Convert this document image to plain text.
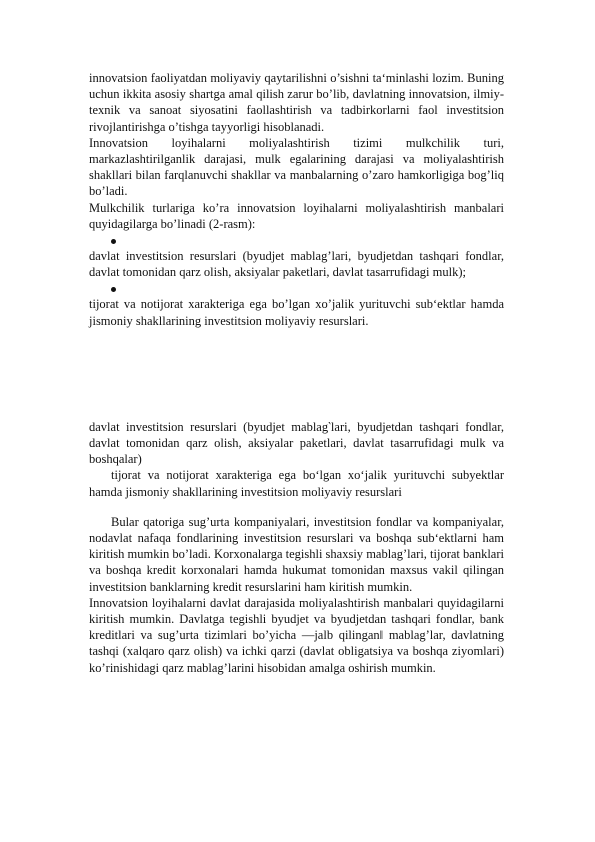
innovatsion faoliyatdan moliyaviy qaytarilishni o’sishni ta‘minlashi lozim. Buning uchun ikkita asosiy shartga amal qilish zarur bo’lib, davlatning innovatsion, ilmiy-texnik va sanoat siyosatini faollashtirish va tadbirkorlarni faol investitsion rivojlantirishga o’tishga tayyorligi hisoblanadi.

Innovatsion loyihalarni moliyalashtirish tizimi mulkchilik turi, markazlashtirilganlik darajasi, mulk egalarining darajasi va moliyalashtirish shakllari bilan farqlanuvchi shakllar va manbalarning o’zaro hamkorligiga bog’liq bo’ladi.

Mulkchilik turlariga ko’ra innovatsion loyihalarni moliyalashtirish manbalari quyidagilarga bo’linadi (2-rasm):

davlat investitsion resurslari (byudjet mablag’lari, byudjetdan tashqari fondlar, davlat tomonidan qarz olish, aksiyalar paketlari, davlat tasarrufidagi mulk);

tijorat va notijorat xarakteriga ega bo’lgan xo’jalik yurituvchi sub‘ektlar hamda jismoniy shakllarining investitsion moliyaviy resurslari.

davlat investitsion resurslari (byudjet mablag‵lari, byudjetdan tashqari fondlar, davlat tomonidan qarz olish, aksiyalar paketlari, davlat tasarrufidagi mulk va boshqalar)

tijorat va notijorat xarakteriga ega bo‘lgan xo‘jalik yurituvchi subyektlar hamda jismoniy shakllarining investitsion moliyaviy resurslari

Bular qatoriga sug’urta kompaniyalari, investitsion fondlar va kompaniyalar, nodavlat nafaqa fondlarining investitsion resurslari va boshqa sub‘ektlarni ham kiritish mumkin bo’ladi. Korxonalarga tegishli shaxsiy mablag’lari, tijorat banklari va boshqa kredit korxonalari hamda hukumat tomonidan maxsus vakil qilingan investitsion banklarning kredit resurslarini ham kiritish mumkin.

Innovatsion loyihalarni davlat darajasida moliyalashtirish manbalari quyidagilarni kiritish mumkin. Davlatga tegishli byudjet va byudjetdan tashqari fondlar, bank kreditlari va sug’urta tizimlari bo’yicha ―jalb qilingan‖ mablag’lar, davlatning tashqi (xalqaro qarz olish) va ichki qarzi (davlat obligatsiya va boshqa ziyomlari) ko’rinishidagi qarz mablag’larini hisobidan amalga oshirish mumkin.
